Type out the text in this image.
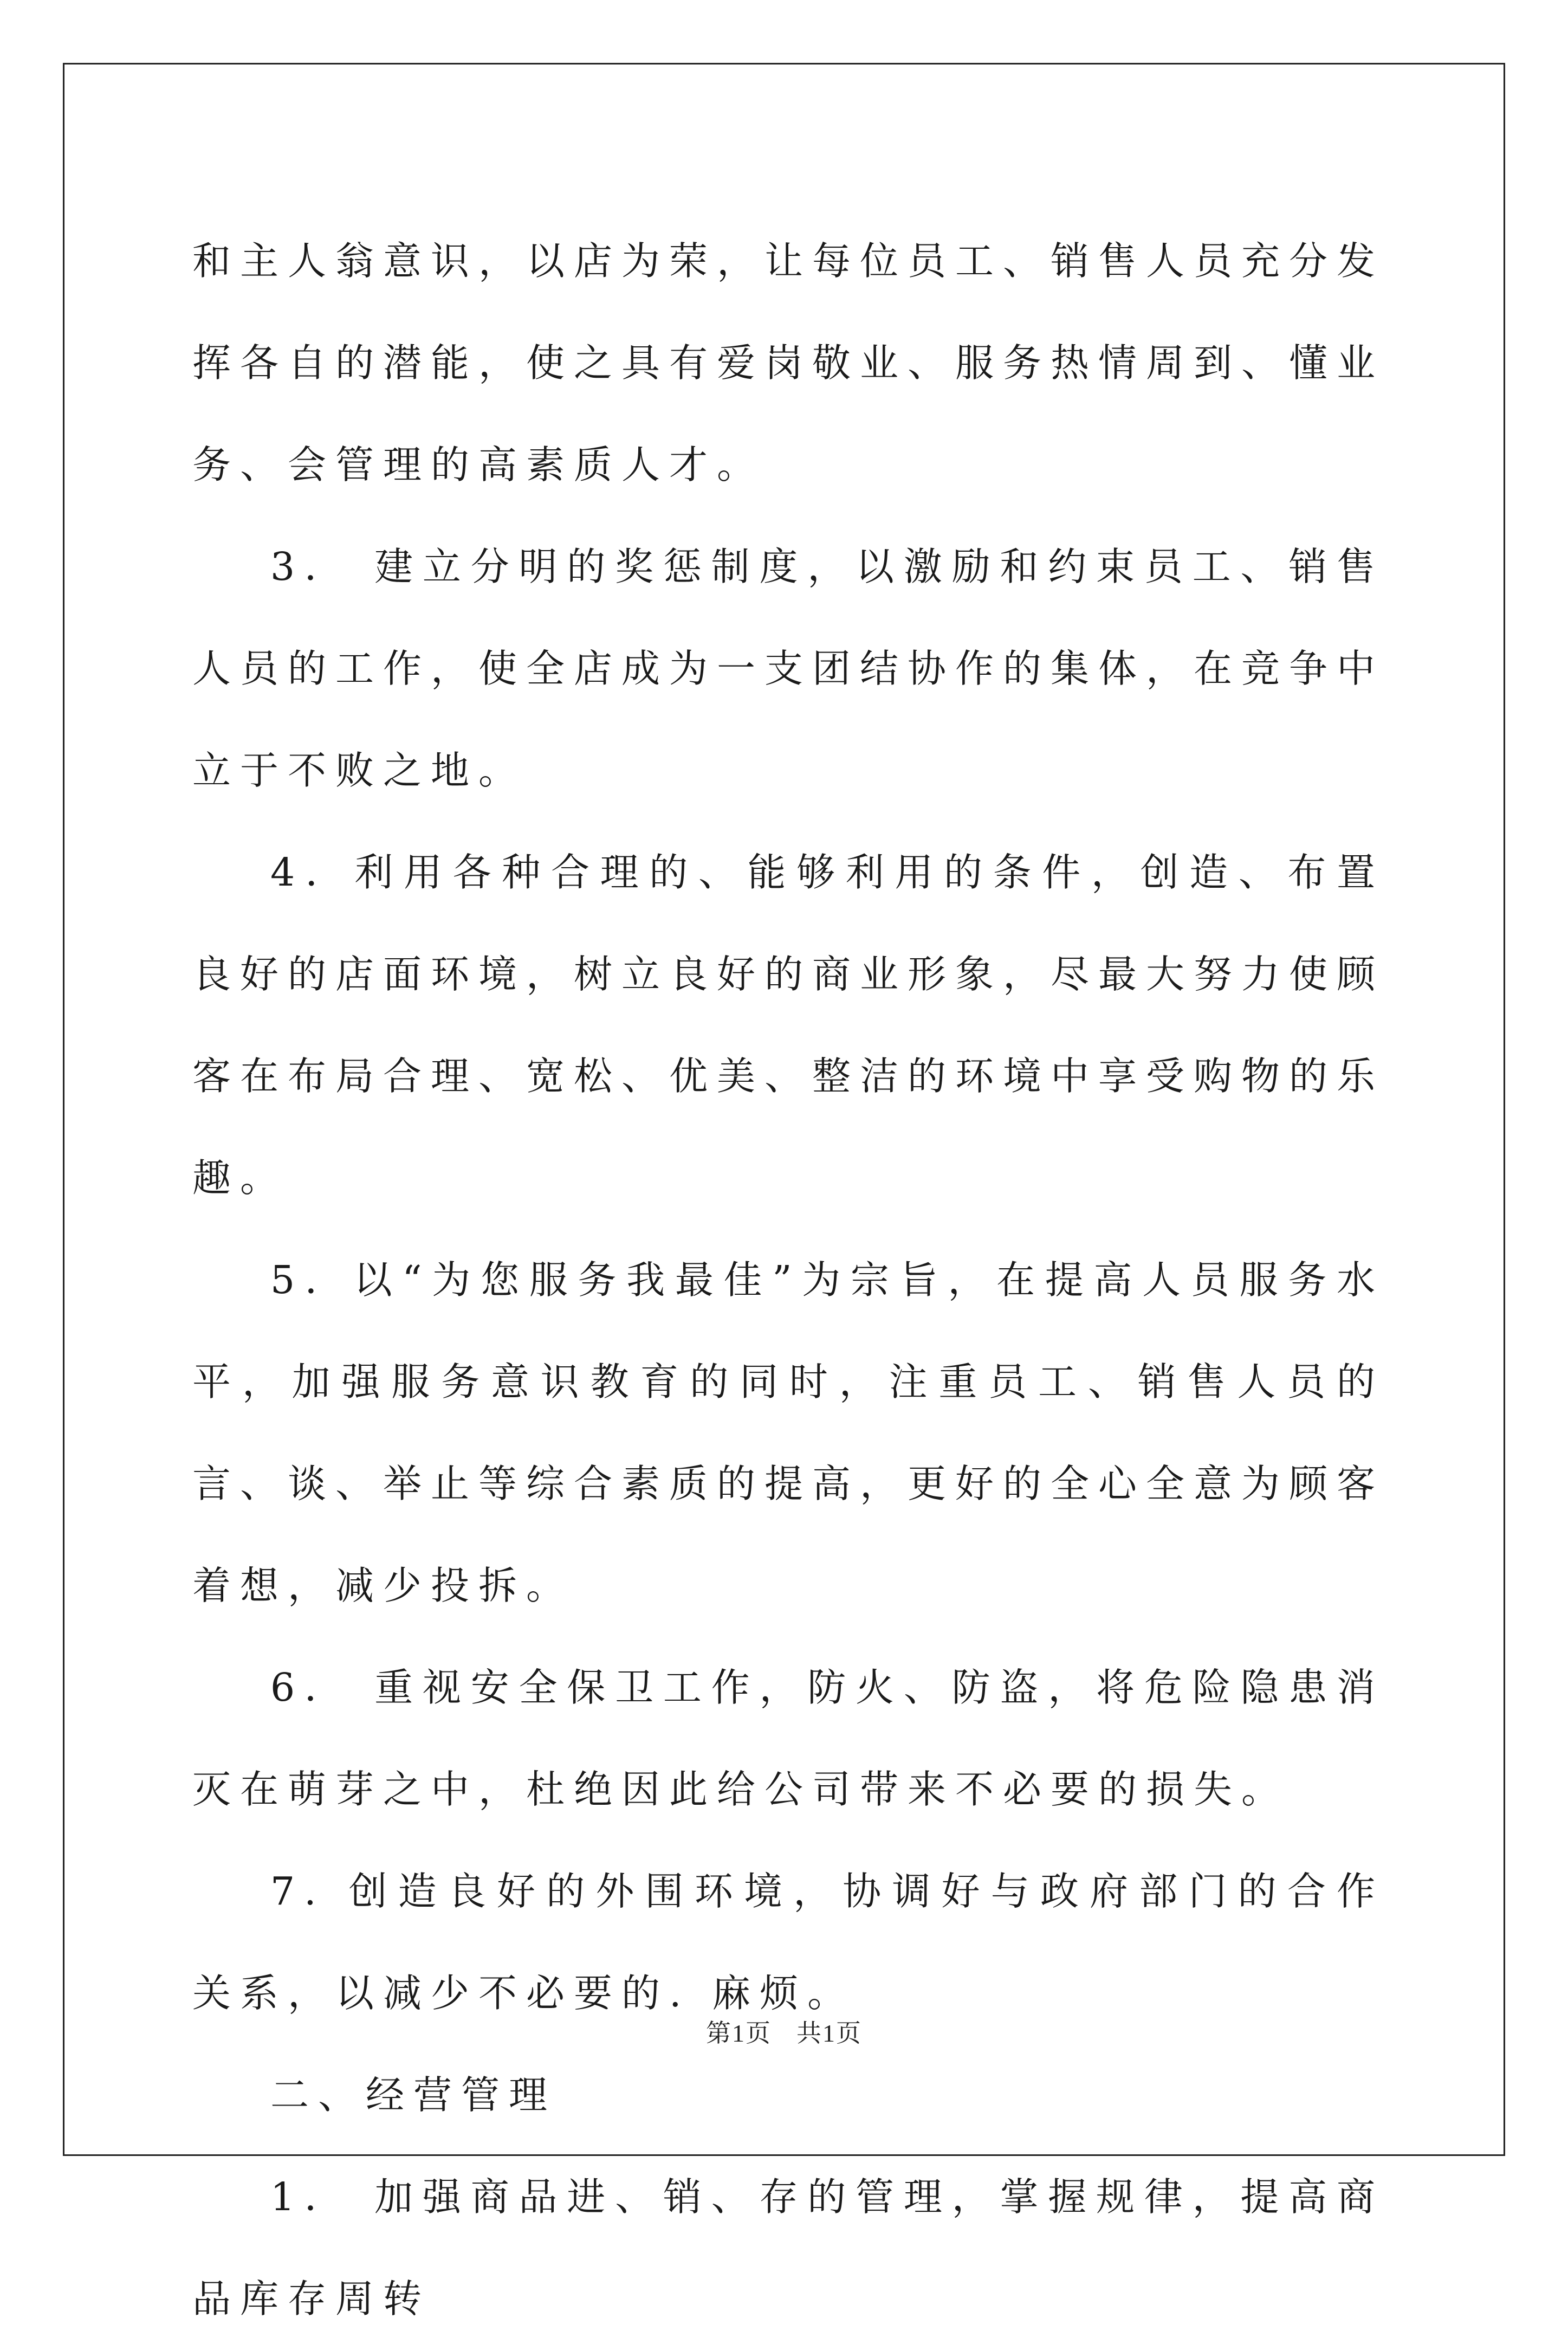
和主人翁意识，以店为荣，让每位员工、销售人员充分发挥各自的潜能，使之具有爱岗敬业、服务热情周到、懂业务、会管理的高素质人才。

3． 建立分明的奖惩制度，以激励和约束员工、销售人员的工作，使全店成为一支团结协作的集体，在竞争中立于不败之地。

4．利用各种合理的、能够利用的条件，创造、布置良好的店面环境，树立良好的商业形象，尽最大努力使顾客在布局合理、宽松、优美、整洁的环境中享受购物的乐趣。

5．以“为您服务我最佳”为宗旨，在提高人员服务水平，加强服务意识教育的同时，注重员工、销售人员的言、谈、举止等综合素质的提高，更好的全心全意为顾客着想，减少投拆。

6． 重视安全保卫工作，防火、防盗，将危险隐患消灭在萌芽之中，杜绝因此给公司带来不必要的损失。

7. 创造良好的外围环境，协调好与政府部门的合作关系，以减少不必要的. 麻烦。

二、经营管理

1． 加强商品进、销、存的管理，掌握规律，提高商品库存周转

第1页 共1页
